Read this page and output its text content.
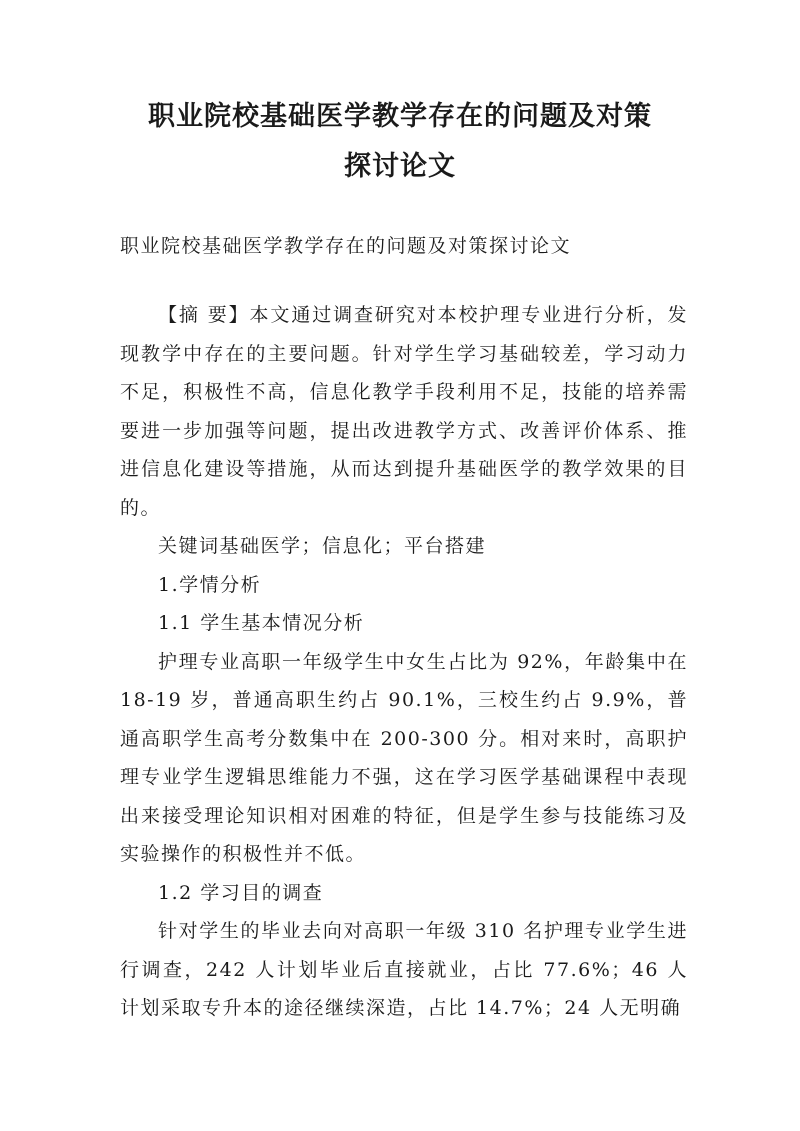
职业院校基础医学教学存在的问题及对策
探讨论文

职业院校基础医学教学存在的问题及对策探讨论文

【摘 要】本文通过调查研究对本校护理专业进行分析，发现教学中存在的主要问题。针对学生学习基础较差，学习动力不足，积极性不高，信息化教学手段利用不足，技能的培养需要进一步加强等问题，提出改进教学方式、改善评价体系、推进信息化建设等措施，从而达到提升基础医学的教学效果的目的。

关键词基础医学；信息化；平台搭建

1.学情分析

1.1 学生基本情况分析

护理专业高职一年级学生中女生占比为 92%，年龄集中在 18-19 岁，普通高职生约占 90.1%，三校生约占 9.9%，普通高职学生高考分数集中在 200-300 分。相对来时，高职护理专业学生逻辑思维能力不强，这在学习医学基础课程中表现出来接受理论知识相对困难的特征，但是学生参与技能练习及实验操作的积极性并不低。

1.2 学习目的调查

针对学生的毕业去向对高职一年级 310 名护理专业学生进行调查，242 人计划毕业后直接就业，占比 77.6%；46 人计划采取专升本的途径继续深造，占比 14.7%；24 人无明确
